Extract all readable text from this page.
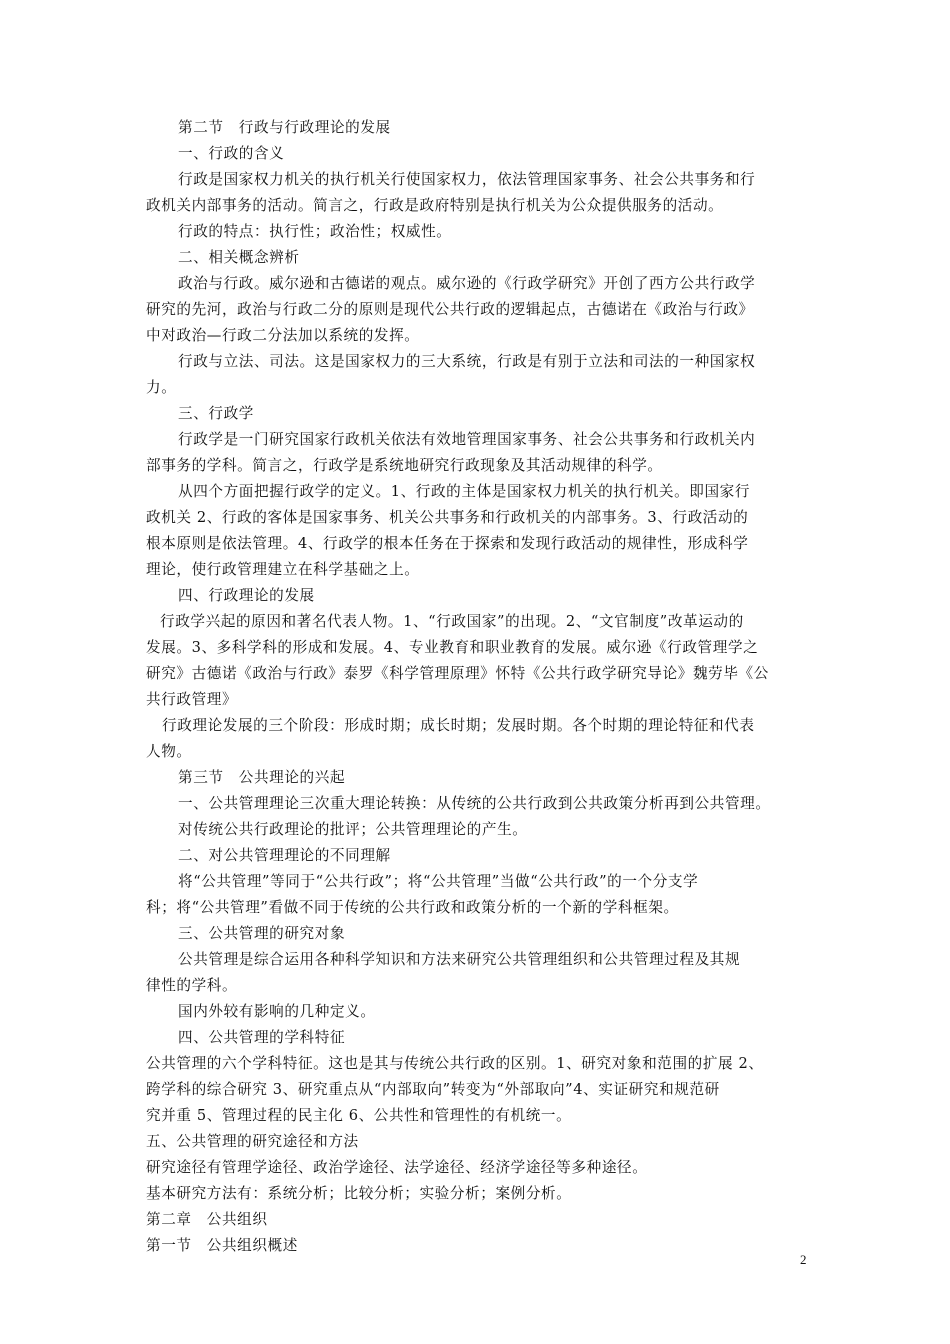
第二节　行政与行政理论的发展
一、行政的含义
行政是国家权力机关的执行机关行使国家权力，依法管理国家事务、社会公共事务和行
政机关内部事务的活动。简言之，行政是政府特别是执行机关为公众提供服务的活动。
行政的特点：执行性；政治性；权威性。
二、相关概念辨析
政治与行政。威尔逊和古德诺的观点。威尔逊的《行政学研究》开创了西方公共行政学
研究的先河，政治与行政二分的原则是现代公共行政的逻辑起点，古德诺在《政治与行政》
中对政治—行政二分法加以系统的发挥。
行政与立法、司法。这是国家权力的三大系统，行政是有别于立法和司法的一种国家权
力。
三、行政学
行政学是一门研究国家行政机关依法有效地管理国家事务、社会公共事务和行政机关内
部事务的学科。简言之，行政学是系统地研究行政现象及其活动规律的科学。
从四个方面把握行政学的定义。1、行政的主体是国家权力机关的执行机关。即国家行
政机关 2、行政的客体是国家事务、机关公共事务和行政机关的内部事务。3、行政活动的
根本原则是依法管理。4、行政学的根本任务在于探索和发现行政活动的规律性，形成科学
理论，使行政管理建立在科学基础之上。
四、行政理论的发展
行政学兴起的原因和著名代表人物。1、“行政国家”的出现。2、“文官制度”改革运动的
发展。3、多科学科的形成和发展。4、专业教育和职业教育的发展。威尔逊《行政管理学之
研究》古德诺《政治与行政》泰罗《科学管理原理》怀特《公共行政学研究导论》魏劳毕《公
共行政管理》
行政理论发展的三个阶段：形成时期；成长时期；发展时期。各个时期的理论特征和代表
人物。
第三节　公共理论的兴起
一、公共管理理论三次重大理论转换：从传统的公共行政到公共政策分析再到公共管理。
对传统公共行政理论的批评；公共管理理论的产生。
二、对公共管理理论的不同理解
将“公共管理”等同于“公共行政”；将“公共管理”当做“公共行政”的一个分支学
科；将“公共管理”看做不同于传统的公共行政和政策分析的一个新的学科框架。
三、公共管理的研究对象
公共管理是综合运用各种科学知识和方法来研究公共管理组织和公共管理过程及其规
律性的学科。
国内外较有影响的几种定义。
四、公共管理的学科特征
公共管理的六个学科特征。这也是其与传统公共行政的区别。1、研究对象和范围的扩展 2、
跨学科的综合研究 3、研究重点从“内部取向”转变为“外部取向”4、实证研究和规范研
究并重 5、管理过程的民主化 6、公共性和管理性的有机统一。
五、公共管理的研究途径和方法
研究途径有管理学途径、政治学途径、法学途径、经济学途径等多种途径。
基本研究方法有：系统分析；比较分析；实验分析；案例分析。
第二章　公共组织
第一节　公共组织概述
2
